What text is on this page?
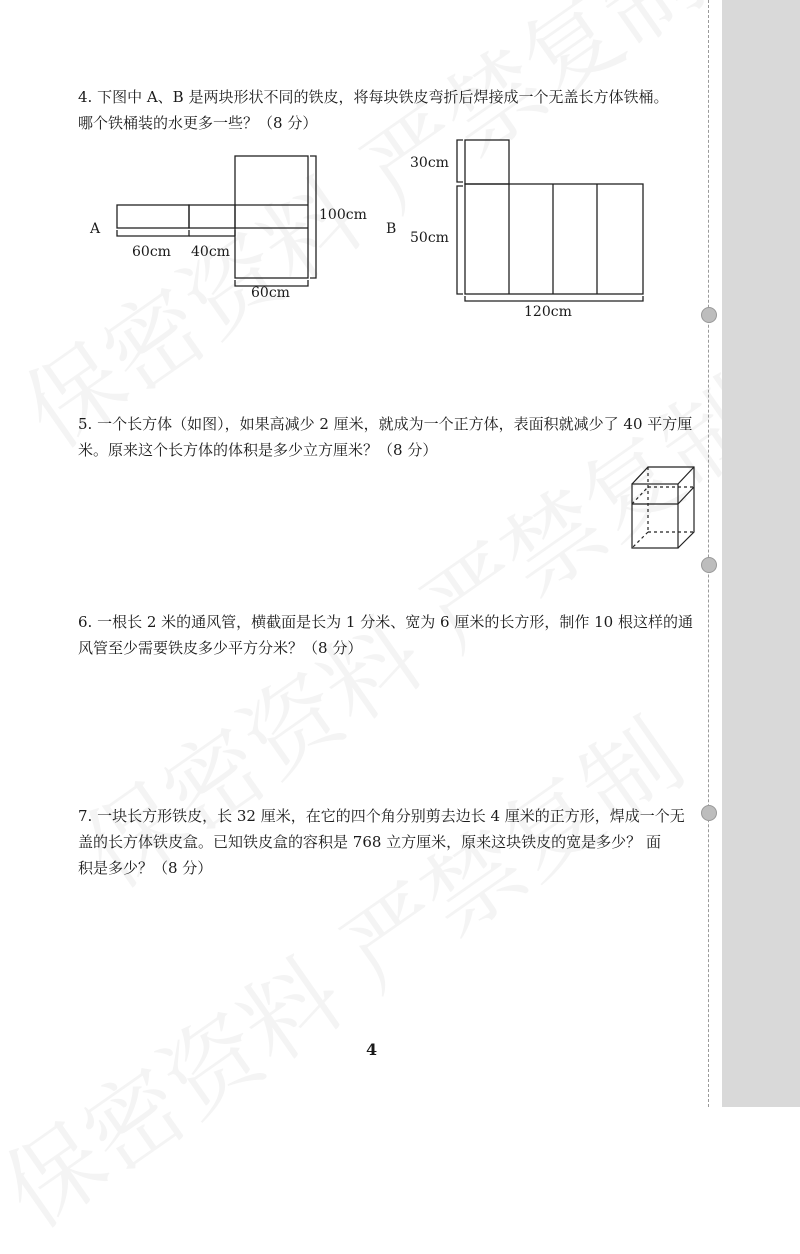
4. 下图中 A、B 是两块形状不同的铁皮，将每块铁皮弯折后焊接成一个无盖长方体铁桶。
哪个铁桶装的水更多一些？（8 分）
A
60cm 40cm
100cm
60cm
B
30cm
50cm
120cm
5. 一个长方体（如图），如果高减少 2 厘米，就成为一个正方体，表面积就减少了 40 平方厘
米。原来这个长方体的体积是多少立方厘米？（8 分）
6. 一根长 2 米的通风管，横截面是长为 1 分米、宽为 6 厘米的长方形，制作 10 根这样的通
风管至少需要铁皮多少平方分米？（8 分）
7. 一块长方形铁皮，长 32 厘米，在它的四个角分别剪去边长 4 厘米的正方形，焊成一个无
盖的长方体铁皮盒。已知铁皮盒的容积是 768 立方厘米，原来这块铁皮的宽是多少？ 面
积是多少？（8 分）
4
